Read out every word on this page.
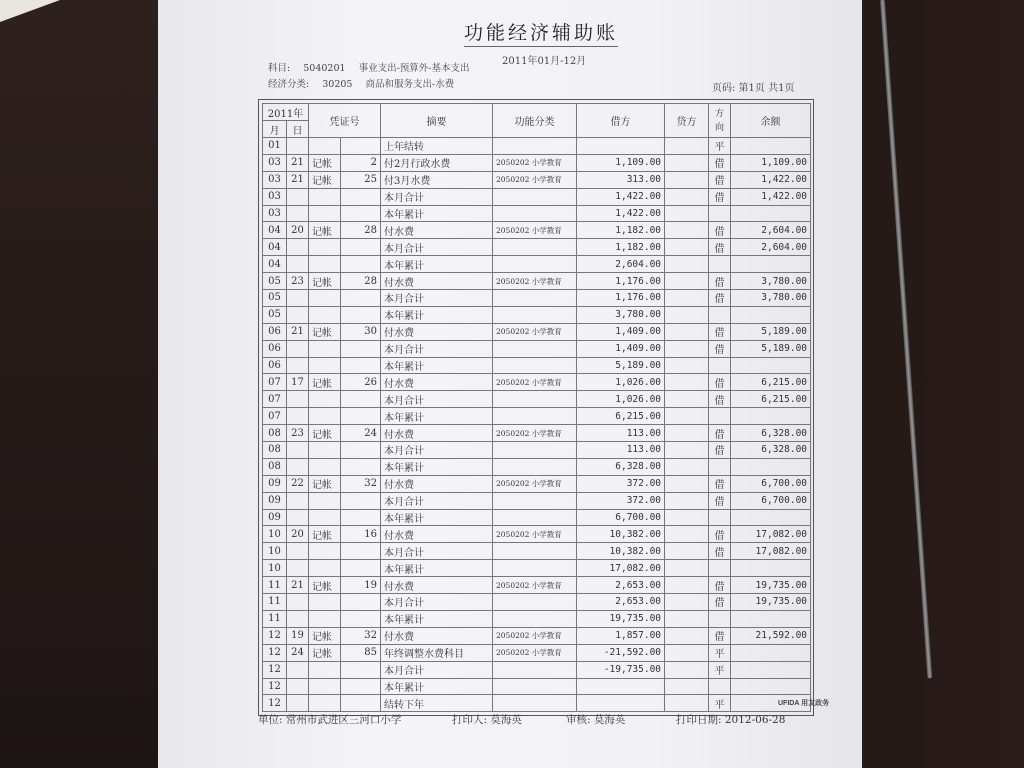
功能经济辅助账
2011年01月-12月
科目: 5040201 事业支出-预算外-基本支出
经济分类: 30205 商品和服务支出-水费	页码: 第1页 共1页
2011年		凭证号		摘要	功能分类	借方	贷方	方向	余额
月	日								
01				上年结转				平	
03	21	记帐	2	付2月行政水费	2050202 小学教育	1,109.00		借	1,109.00
03	21	记帐	25	付3月水费	2050202 小学教育	313.00		借	1,422.00
03				本月合计		1,422.00		借	1,422.00
03				本年累计		1,422.00			
04	20	记帐	28	付水费	2050202 小学教育	1,182.00		借	2,604.00
04				本月合计		1,182.00		借	2,604.00
04				本年累计		2,604.00			
05	23	记帐	28	付水费	2050202 小学教育	1,176.00		借	3,780.00
05				本月合计		1,176.00		借	3,780.00
05				本年累计		3,780.00			
06	21	记帐	30	付水费	2050202 小学教育	1,409.00		借	5,189.00
06				本月合计		1,409.00		借	5,189.00
06				本年累计		5,189.00			
07	17	记帐	26	付水费	2050202 小学教育	1,026.00		借	6,215.00
07				本月合计		1,026.00		借	6,215.00
07				本年累计		6,215.00			
08	23	记帐	24	付水费	2050202 小学教育	113.00		借	6,328.00
08				本月合计		113.00		借	6,328.00
08				本年累计		6,328.00			
09	22	记帐	32	付水费	2050202 小学教育	372.00		借	6,700.00
09				本月合计		372.00		借	6,700.00
09				本年累计		6,700.00			
10	20	记帐	16	付水费	2050202 小学教育	10,382.00		借	17,082.00
10				本月合计		10,382.00		借	17,082.00
10				本年累计		17,082.00			
11	21	记帐	19	付水费	2050202 小学教育	2,653.00		借	19,735.00
11				本月合计		2,653.00		借	19,735.00
11				本年累计		19,735.00			
12	19	记帐	32	付水费	2050202 小学教育	1,857.00		借	21,592.00
12	24	记帐	85	年终调整水费科目	2050202 小学教育	-21,592.00		平	
12				本月合计		-19,735.00		平	
12				本年累计					
12				结转下年				平		UFIDA 用友政务
单位: 常州市武进区三河口小学	打印人: 莫海英	审核: 莫海英	打印日期: 2012-06-28
